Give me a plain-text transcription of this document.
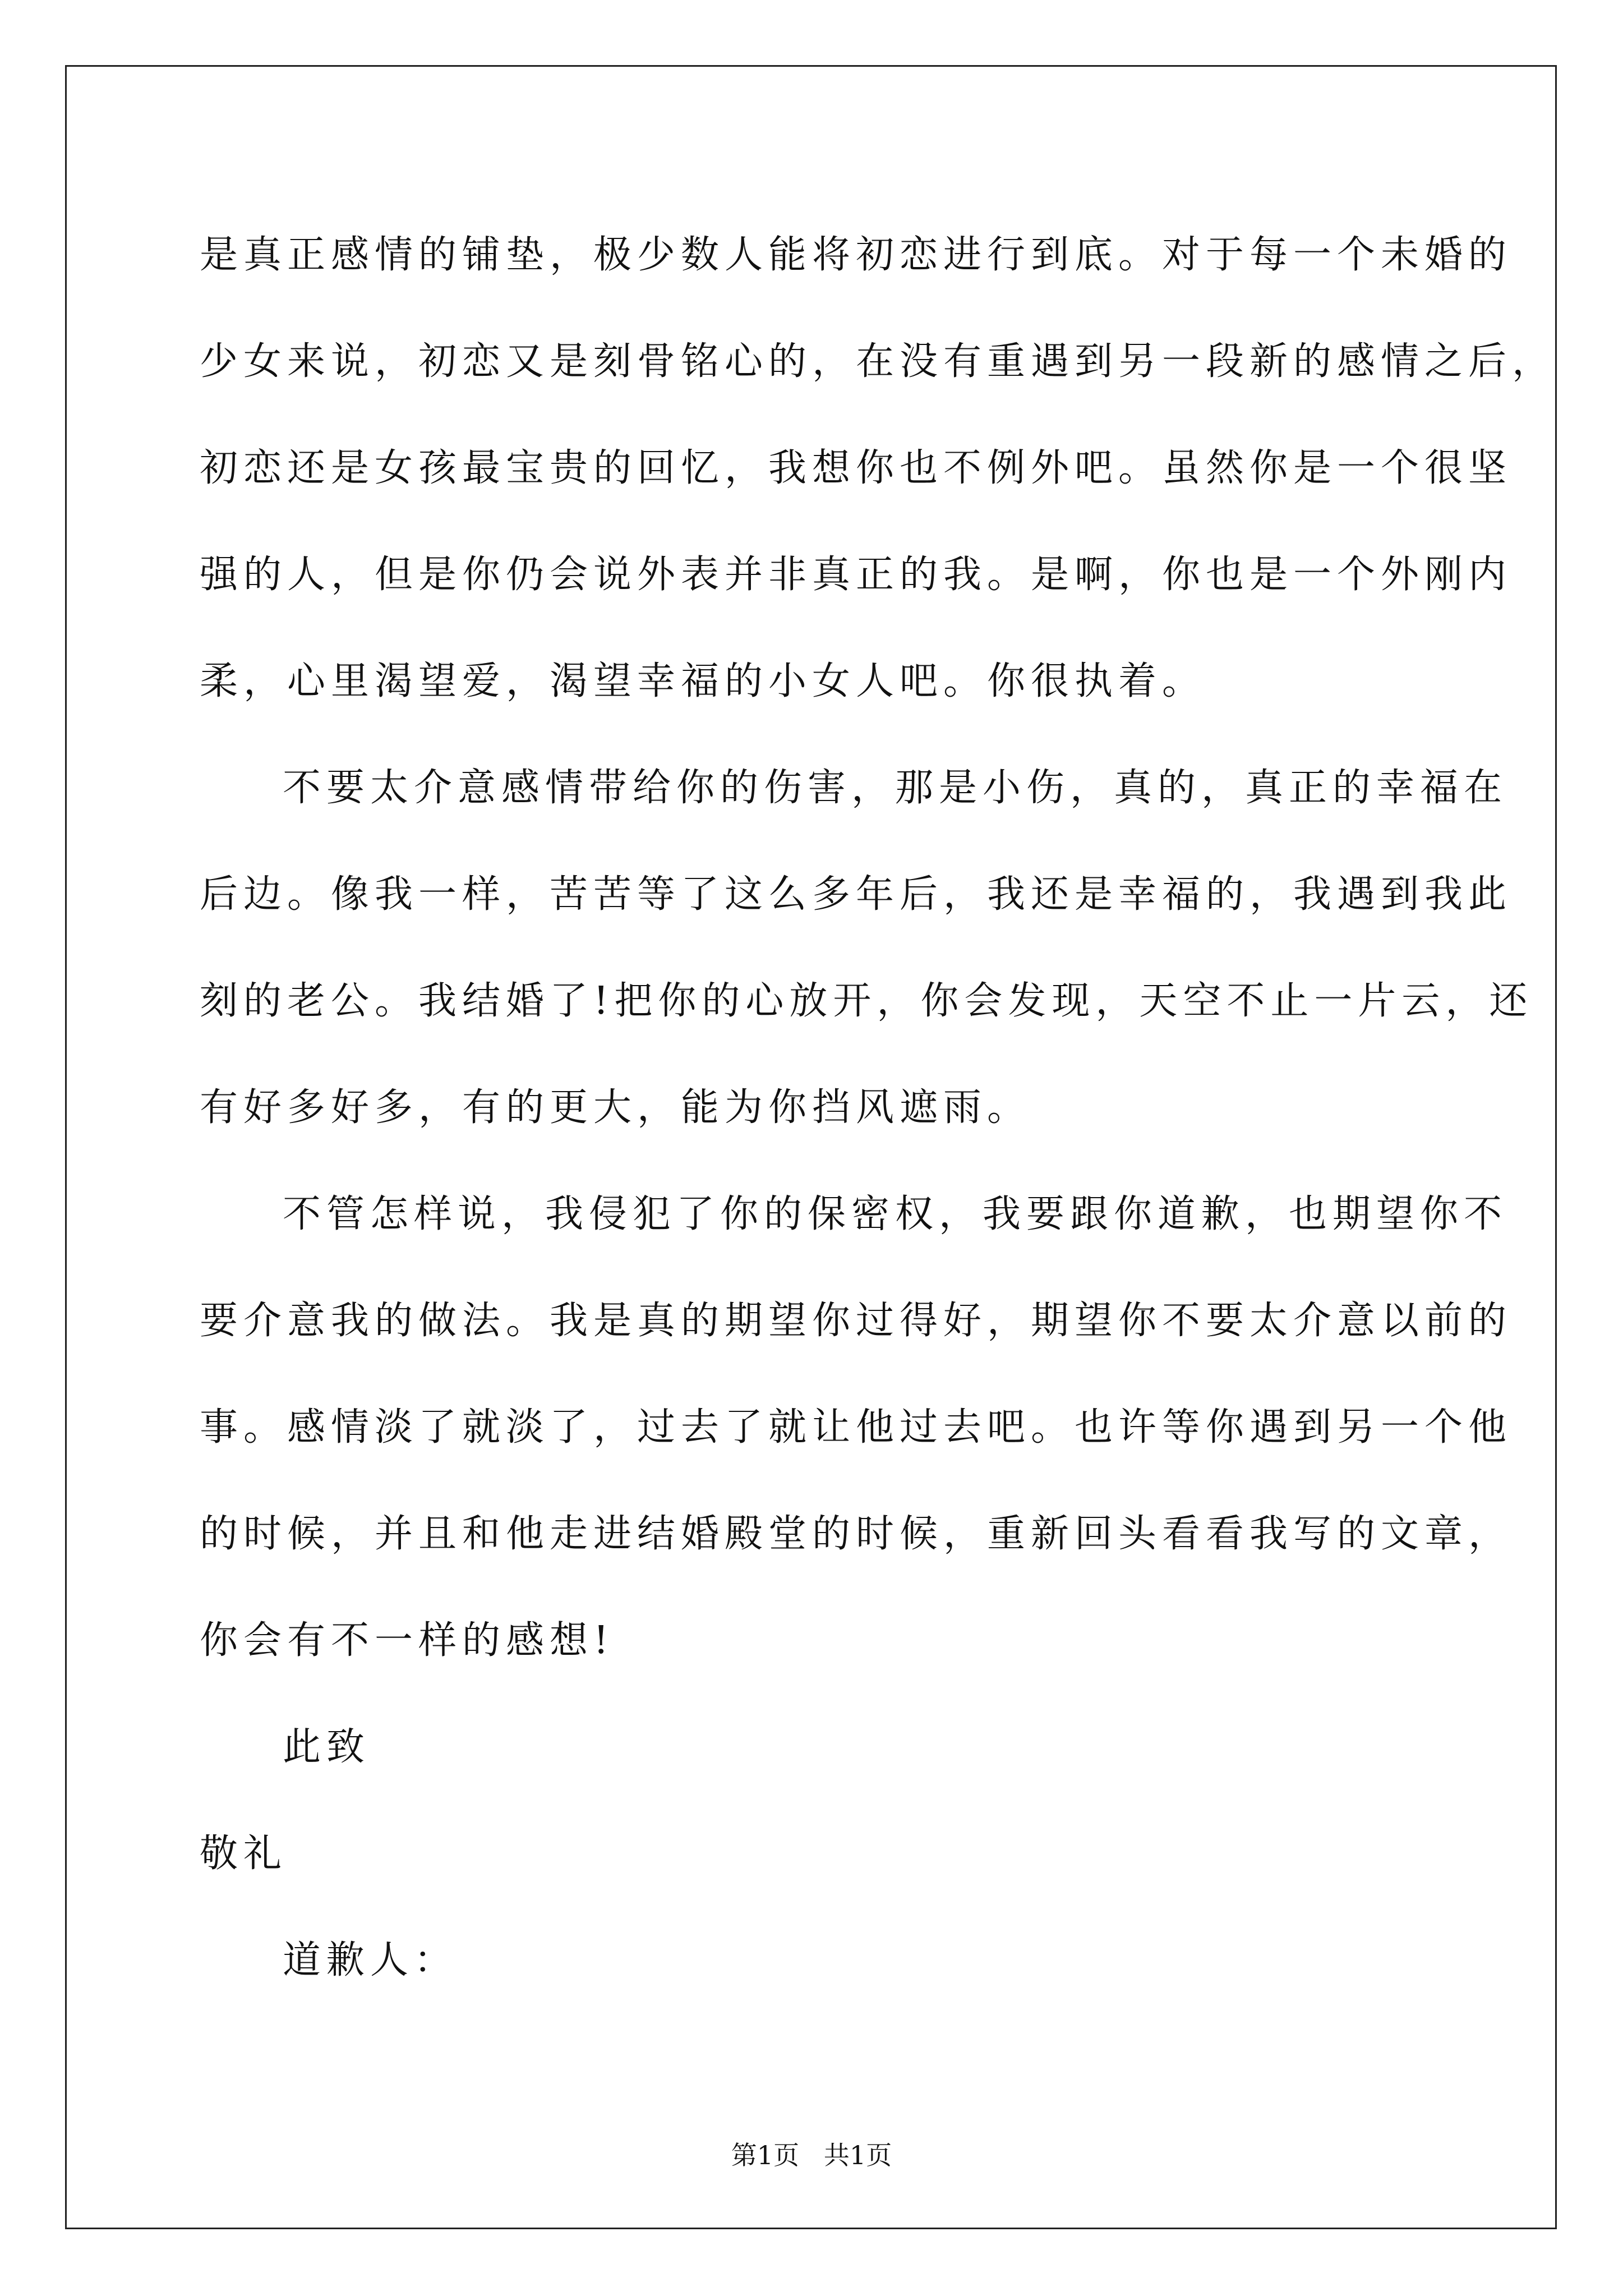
是真正感情的铺垫，极少数人能将初恋进行到底。对于每一个未婚的
少女来说，初恋又是刻骨铭心的，在没有重遇到另一段新的感情之后，
初恋还是女孩最宝贵的回忆，我想你也不例外吧。虽然你是一个很坚
强的人，但是你仍会说外表并非真正的我。是啊，你也是一个外刚内
柔，心里渴望爱，渴望幸福的小女人吧。你很执着。
不要太介意感情带给你的伤害，那是小伤，真的，真正的幸福在
后边。像我一样，苦苦等了这么多年后，我还是幸福的，我遇到我此
刻的老公。我结婚了!把你的心放开，你会发现，天空不止一片云，还
有好多好多，有的更大，能为你挡风遮雨。
不管怎样说，我侵犯了你的保密权，我要跟你道歉，也期望你不
要介意我的做法。我是真的期望你过得好，期望你不要太介意以前的
事。感情淡了就淡了，过去了就让他过去吧。也许等你遇到另一个他
的时候，并且和他走进结婚殿堂的时候，重新回头看看我写的文章，
你会有不一样的感想!
此致
敬礼
道歉人：
第1页   共1页
